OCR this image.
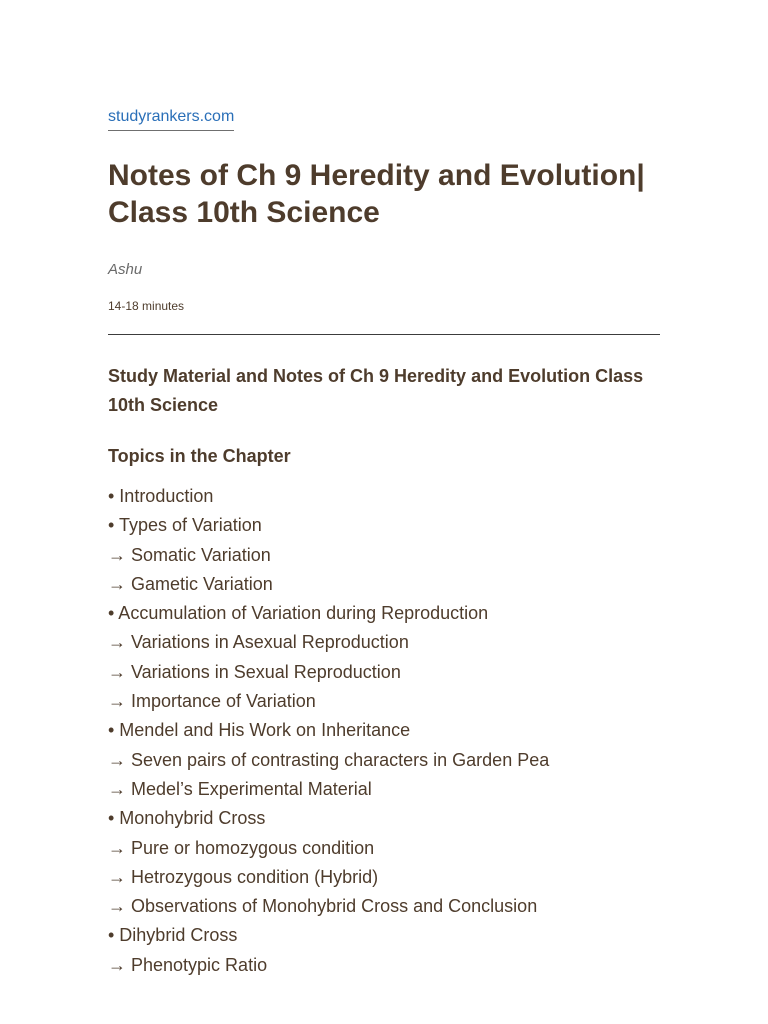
studyrankers.com
Notes of Ch 9 Heredity and Evolution| Class 10th Science
Ashu
14-18 minutes

Study Material and Notes of Ch 9 Heredity and Evolution Class 10th Science

Topics in the Chapter
• Introduction
• Types of Variation
→ Somatic Variation
→ Gametic Variation
• Accumulation of Variation during Reproduction
→ Variations in Asexual Reproduction
→ Variations in Sexual Reproduction
→ Importance of Variation
• Mendel and His Work on Inheritance
→ Seven pairs of contrasting characters in Garden Pea
→ Medel’s Experimental Material
• Monohybrid Cross
→ Pure or homozygous condition
→ Hetrozygous condition (Hybrid)
→ Observations of Monohybrid Cross and Conclusion
• Dihybrid Cross
→ Phenotypic Ratio
